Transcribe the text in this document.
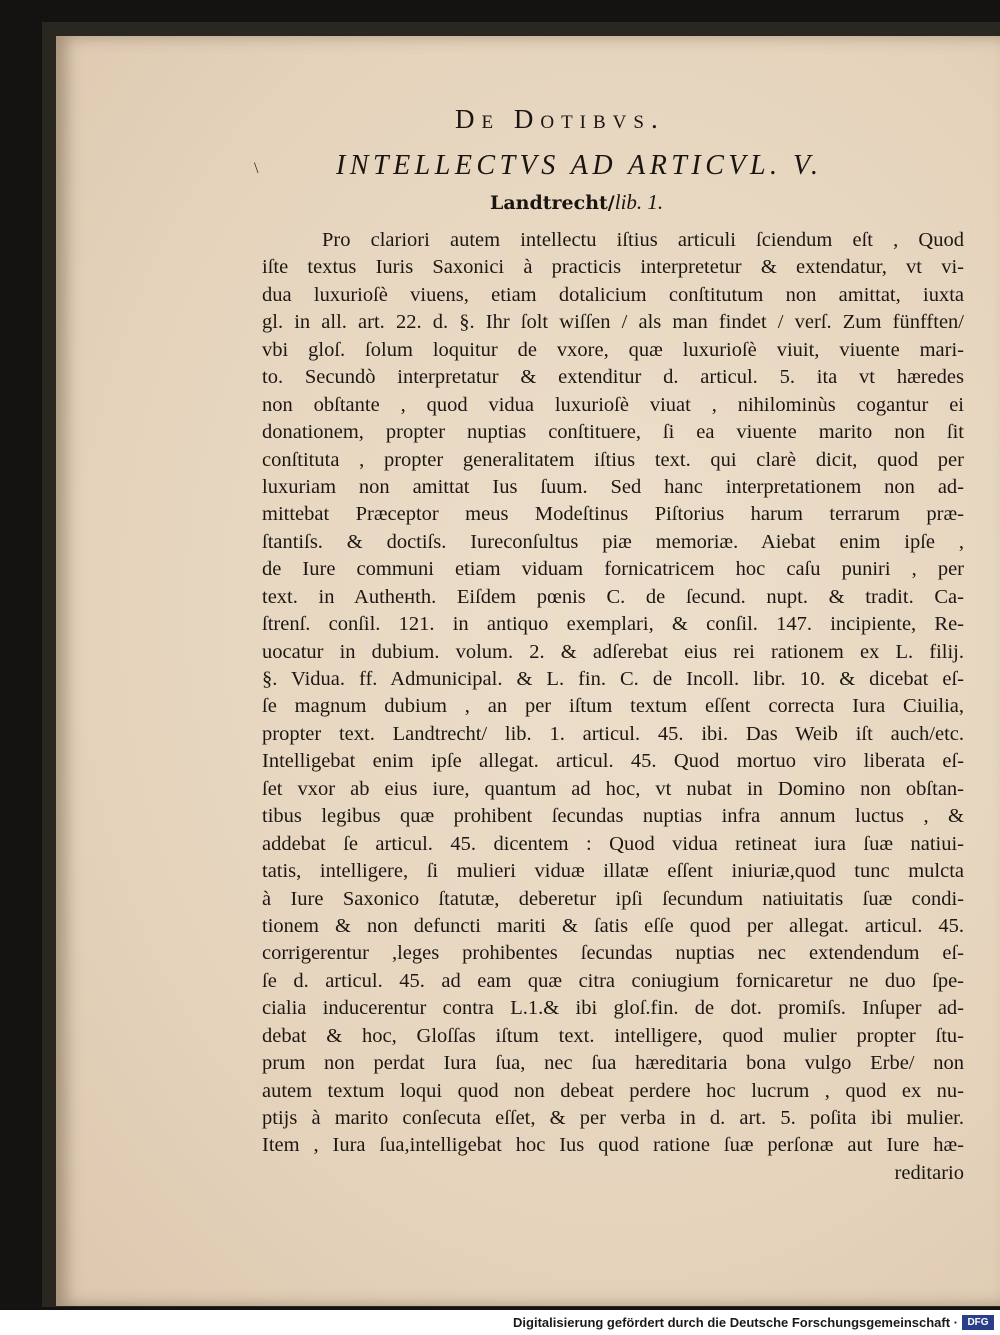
De Dotibvs.
\	INTELLECTVS AD ARTICVL. V.
Landtrecht/lib. 1.
Pro clariori autem intellectu iſtius articuli ſciendum eſt , Quod
iſte textus Iuris Saxonici à practicis interpretetur & extendatur, vt vi-
dua luxurioſè viuens, etiam dotalicium conſtitutum non amittat, iuxta
gl. in all. art. 22. d. §. Ihr ſolt wiſſen / als man findet / verſ. Zum fünfften/
vbi gloſ. ſolum loquitur de vxore, quæ luxurioſè viuit, viuente mari-
to. Secundò interpretatur & extenditur d. articul. 5. ita vt hæredes
non obſtante , quod vidua luxurioſè viuat , nihilominùs cogantur ei
donationem, propter nuptias conſtituere, ſi ea viuente marito non ſit
conſtituta , propter generalitatem iſtius text. qui clarè dicit, quod per
luxuriam non amittat Ius ſuum. Sed hanc interpretationem non ad-
mittebat Præceptor meus Modeſtinus Piſtorius harum terrarum præ-
ſtantiſs. & doctiſs. Iureconſultus piæ memoriæ. Aiebat enim ipſe ,
de Iure communi etiam viduam fornicatricem hoc caſu puniri , per
text. in Autheнth. Eiſdem pœnis C. de ſecund. nupt. & tradit. Ca-
ſtrenſ. conſil. 121. in antiquo exemplari, & conſil. 147. incipiente, Re-
uocatur in dubium. volum. 2. & adſerebat eius rei rationem ex L. filij.
§. Vidua. ff. Admunicipal. & L. fin. C. de Incoll. libr. 10. & dicebat eſ-
ſe magnum dubium , an per iſtum textum eſſent correcta Iura Ciuilia,
propter text. Landtrecht/ lib. 1. articul. 45. ibi. Das Weib iſt auch/etc.
Intelligebat enim ipſe allegat. articul. 45. Quod mortuo viro liberata eſ-
ſet vxor ab eius iure, quantum ad hoc, vt nubat in Domino non obſtan-
tibus legibus quæ prohibent ſecundas nuptias infra annum luctus , &
addebat ſe articul. 45. dicentem : Quod vidua retineat iura ſuæ natiui-
tatis, intelligere, ſi mulieri viduæ illatæ eſſent iniuriæ,quod tunc mulcta
à Iure Saxonico ſtatutæ, deberetur ipſi ſecundum natiuitatis ſuæ condi-
tionem & non defuncti mariti & ſatis eſſe quod per allegat. articul. 45.
corrigerentur ,leges prohibentes ſecundas nuptias nec extendendum eſ-
ſe d. articul. 45. ad eam quæ citra coniugium fornicaretur ne duo ſpe-
cialia inducerentur contra L.1.& ibi gloſ.fin. de dot. promiſs. Inſuper ad-
debat & hoc, Gloſſas iſtum text. intelligere, quod mulier propter ſtu-
prum non perdat Iura ſua, nec ſua hæreditaria bona vulgo Erbe/ non
autem textum loqui quod non debeat perdere hoc lucrum , quod ex nu-
ptijs à marito conſecuta eſſet, & per verba in d. art. 5. poſita ibi mulier.
Item , Iura ſua,intelligebat hoc Ius quod ratione ſuæ perſonæ aut Iure hæ-
reditario
Digitalisierung gefördert durch die Deutsche Forschungsgemeinschaft · DFG
